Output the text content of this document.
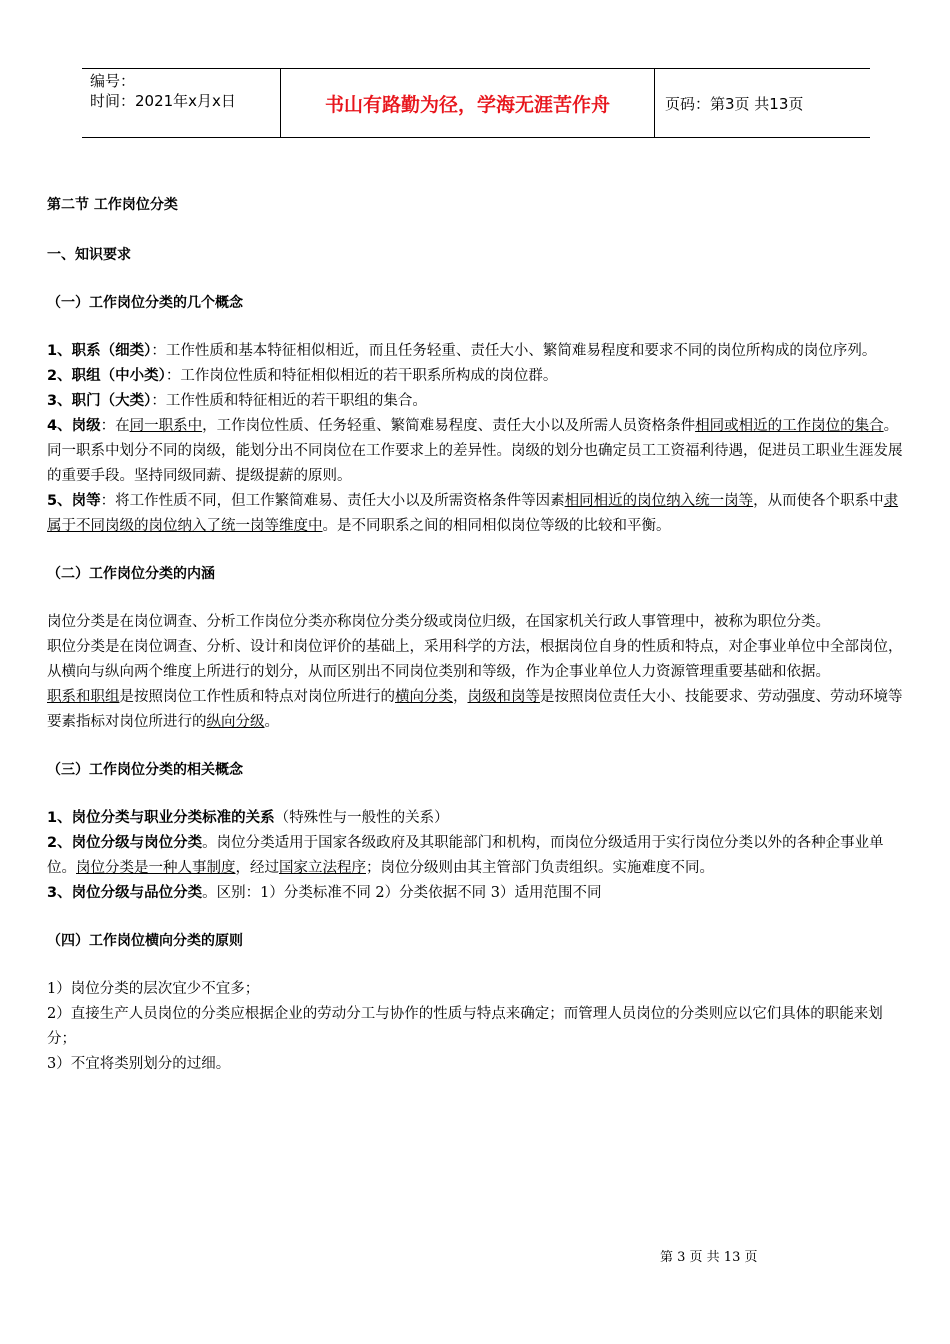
编号：
时间：2021年x月x日	书山有路勤为径，学海无涯苦作舟	页码：第3页 共13页

第二节 工作岗位分类

一、知识要求

（一）工作岗位分类的几个概念

1、职系（细类）：工作性质和基本特征相似相近，而且任务轻重、责任大小、繁简难易程度和要求不同的岗位所构成的岗位序列。

2、职组（中小类）：工作岗位性质和特征相似相近的若干职系所构成的岗位群。

3、职门（大类）：工作性质和特征相近的若干职组的集合。

4、岗级：在同一职系中，工作岗位性质、任务轻重、繁简难易程度、责任大小以及所需人员资格条件相同或相近的工作岗位的集合。同一职系中划分不同的岗级，能划分出不同岗位在工作要求上的差异性。岗级的划分也确定员工工资福利待遇，促进员工职业生涯发展的重要手段。坚持同级同薪、提级提薪的原则。

5、岗等：将工作性质不同，但工作繁简难易、责任大小以及所需资格条件等因素相同相近的岗位纳入统一岗等，从而使各个职系中隶属于不同岗级的岗位纳入了统一岗等维度中。是不同职系之间的相同相似岗位等级的比较和平衡。

（二）工作岗位分类的内涵

岗位分类是在岗位调查、分析工作岗位分类亦称岗位分类分级或岗位归级，在国家机关行政人事管理中，被称为职位分类。

职位分类是在岗位调查、分析、设计和岗位评价的基础上，采用科学的方法，根据岗位自身的性质和特点，对企事业单位中全部岗位，从横向与纵向两个维度上所进行的划分，从而区别出不同岗位类别和等级，作为企事业单位人力资源管理重要基础和依据。

职系和职组是按照岗位工作性质和特点对岗位所进行的横向分类，岗级和岗等是按照岗位责任大小、技能要求、劳动强度、劳动环境等要素指标对岗位所进行的纵向分级。

（三）工作岗位分类的相关概念

1、岗位分类与职业分类标准的关系（特殊性与一般性的关系）

2、岗位分级与岗位分类。岗位分类适用于国家各级政府及其职能部门和机构，而岗位分级适用于实行岗位分类以外的各种企事业单位。岗位分类是一种人事制度，经过国家立法程序；岗位分级则由其主管部门负责组织。实施难度不同。

3、岗位分级与品位分类。区别：1）分类标准不同 2）分类依据不同 3）适用范围不同

（四）工作岗位横向分类的原则

1）岗位分类的层次宜少不宜多；

2）直接生产人员岗位的分类应根据企业的劳动分工与协作的性质与特点来确定；而管理人员岗位的分类则应以它们具体的职能来划分；

3）不宜将类别划分的过细。

第 3 页 共 13 页
